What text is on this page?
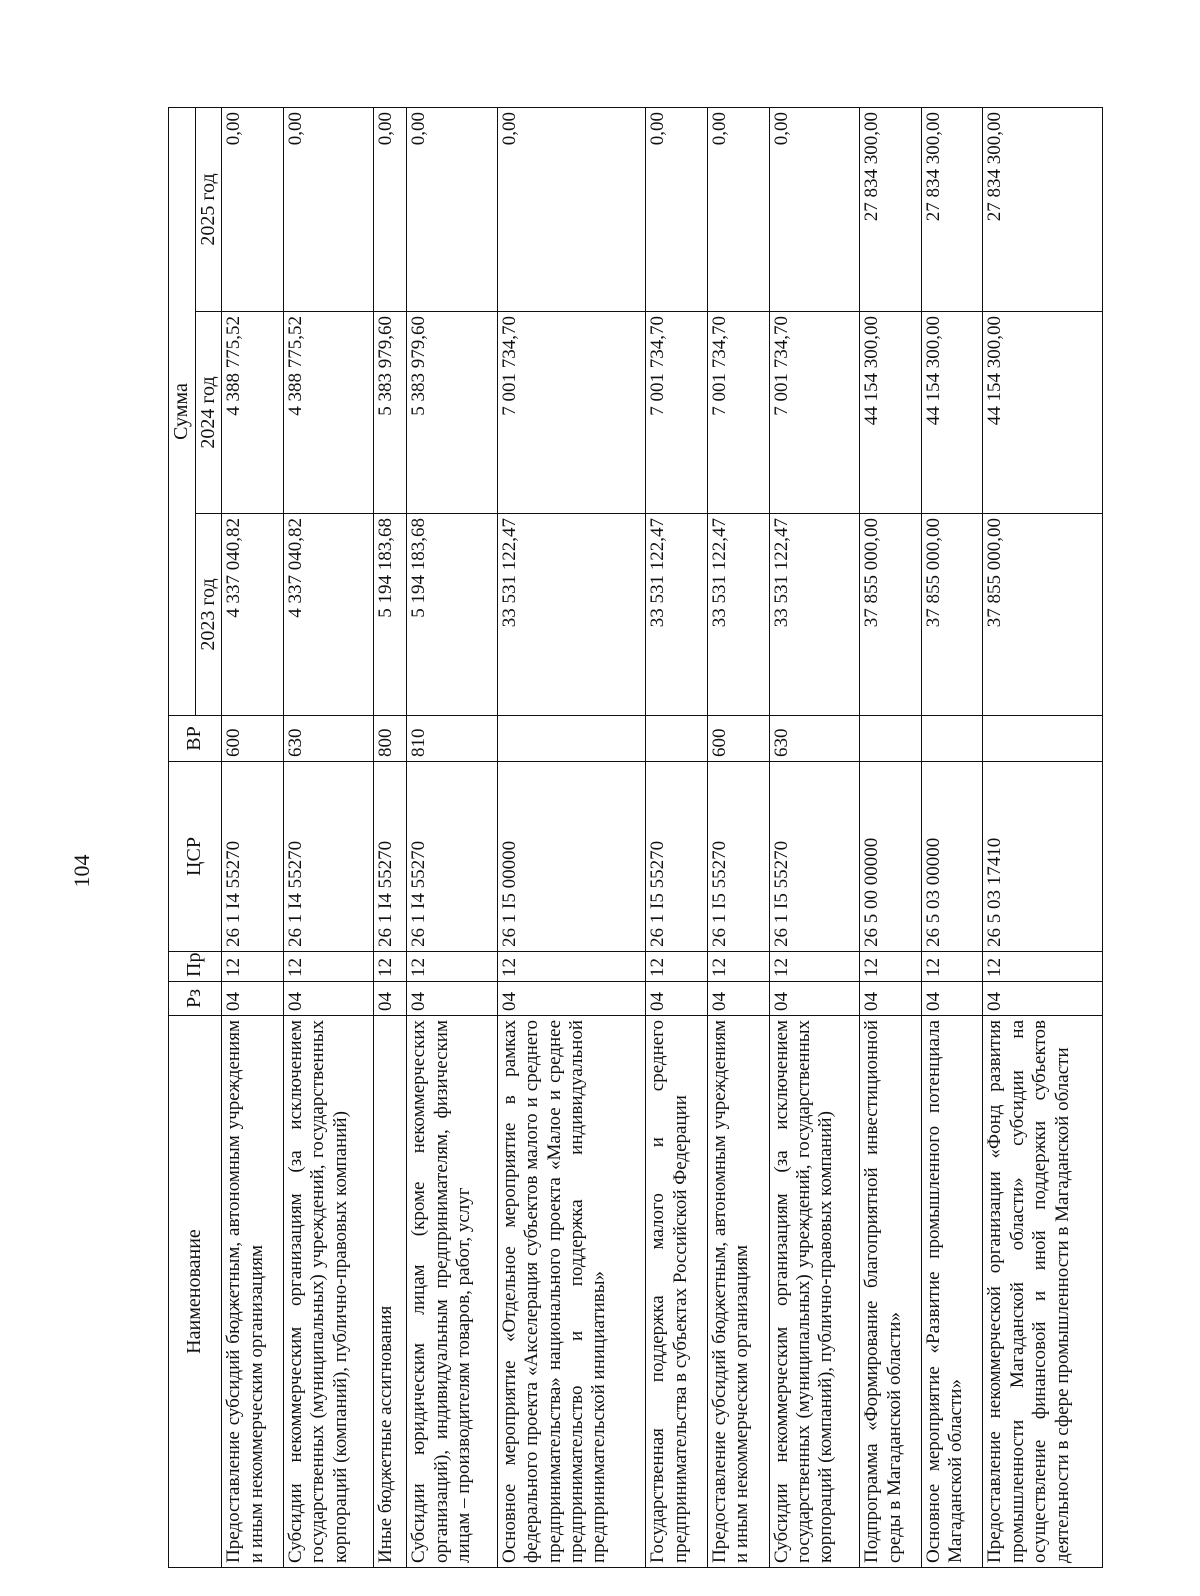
104
Наименование	Рз	Пр	ЦСР	ВР	Сумма		
					2023 год	2024 год	2025 год
Предоставление субсидий бюджетным, автономным учреждениям и иным некоммерческим организациям	04	12	26 1 I4 55270	600	4 337 040,82	4 388 775,52	0,00
Субсидии некоммерческим организациям (за исключением государственных (муниципальных) учреждений, государственных корпораций (компаний), публично-правовых компаний)	04	12	26 1 I4 55270	630	4 337 040,82	4 388 775,52	0,00
Иные бюджетные ассигнования	04	12	26 1 I4 55270	800	5 194 183,68	5 383 979,60	0,00
Субсидии юридическим лицам (кроме некоммерческих организаций), индивидуальным предпринимателям, физическим лицам – производителям товаров, работ, услуг	04	12	26 1 I4 55270	810	5 194 183,68	5 383 979,60	0,00
Основное мероприятие «Отдельное мероприятие в рамках федерального проекта «Акселерация субъектов малого и среднего предпринимательства» национального проекта «Малое и среднее предпринимательство и поддержка индивидуальной предпринимательской инициативы»	04	12	26 1 I5 00000		33 531 122,47	7 001 734,70	0,00
Государственная поддержка малого и среднего предпринимательства в субъектах Российской Федерации	04	12	26 1 I5 55270		33 531 122,47	7 001 734,70	0,00
Предоставление субсидий бюджетным, автономным учреждениям и иным некоммерческим организациям	04	12	26 1 I5 55270	600	33 531 122,47	7 001 734,70	0,00
Субсидии некоммерческим организациям (за исключением государственных (муниципальных) учреждений, государственных корпораций (компаний), публично-правовых компаний)	04	12	26 1 I5 55270	630	33 531 122,47	7 001 734,70	0,00
Подпрограмма «Формирование благоприятной инвестиционной среды в Магаданской области»	04	12	26 5 00 00000		37 855 000,00	44 154 300,00	27 834 300,00
Основное мероприятие «Развитие промышленного потенциала Магаданской области»	04	12	26 5 03 00000		37 855 000,00	44 154 300,00	27 834 300,00
Предоставление некоммерческой организации «Фонд развития промышленности Магаданской области» субсидии на осуществление финансовой и иной поддержки субъектов деятельности в сфере промышленности в Магаданской области	04	12	26 5 03 17410		37 855 000,00	44 154 300,00	27 834 300,00
